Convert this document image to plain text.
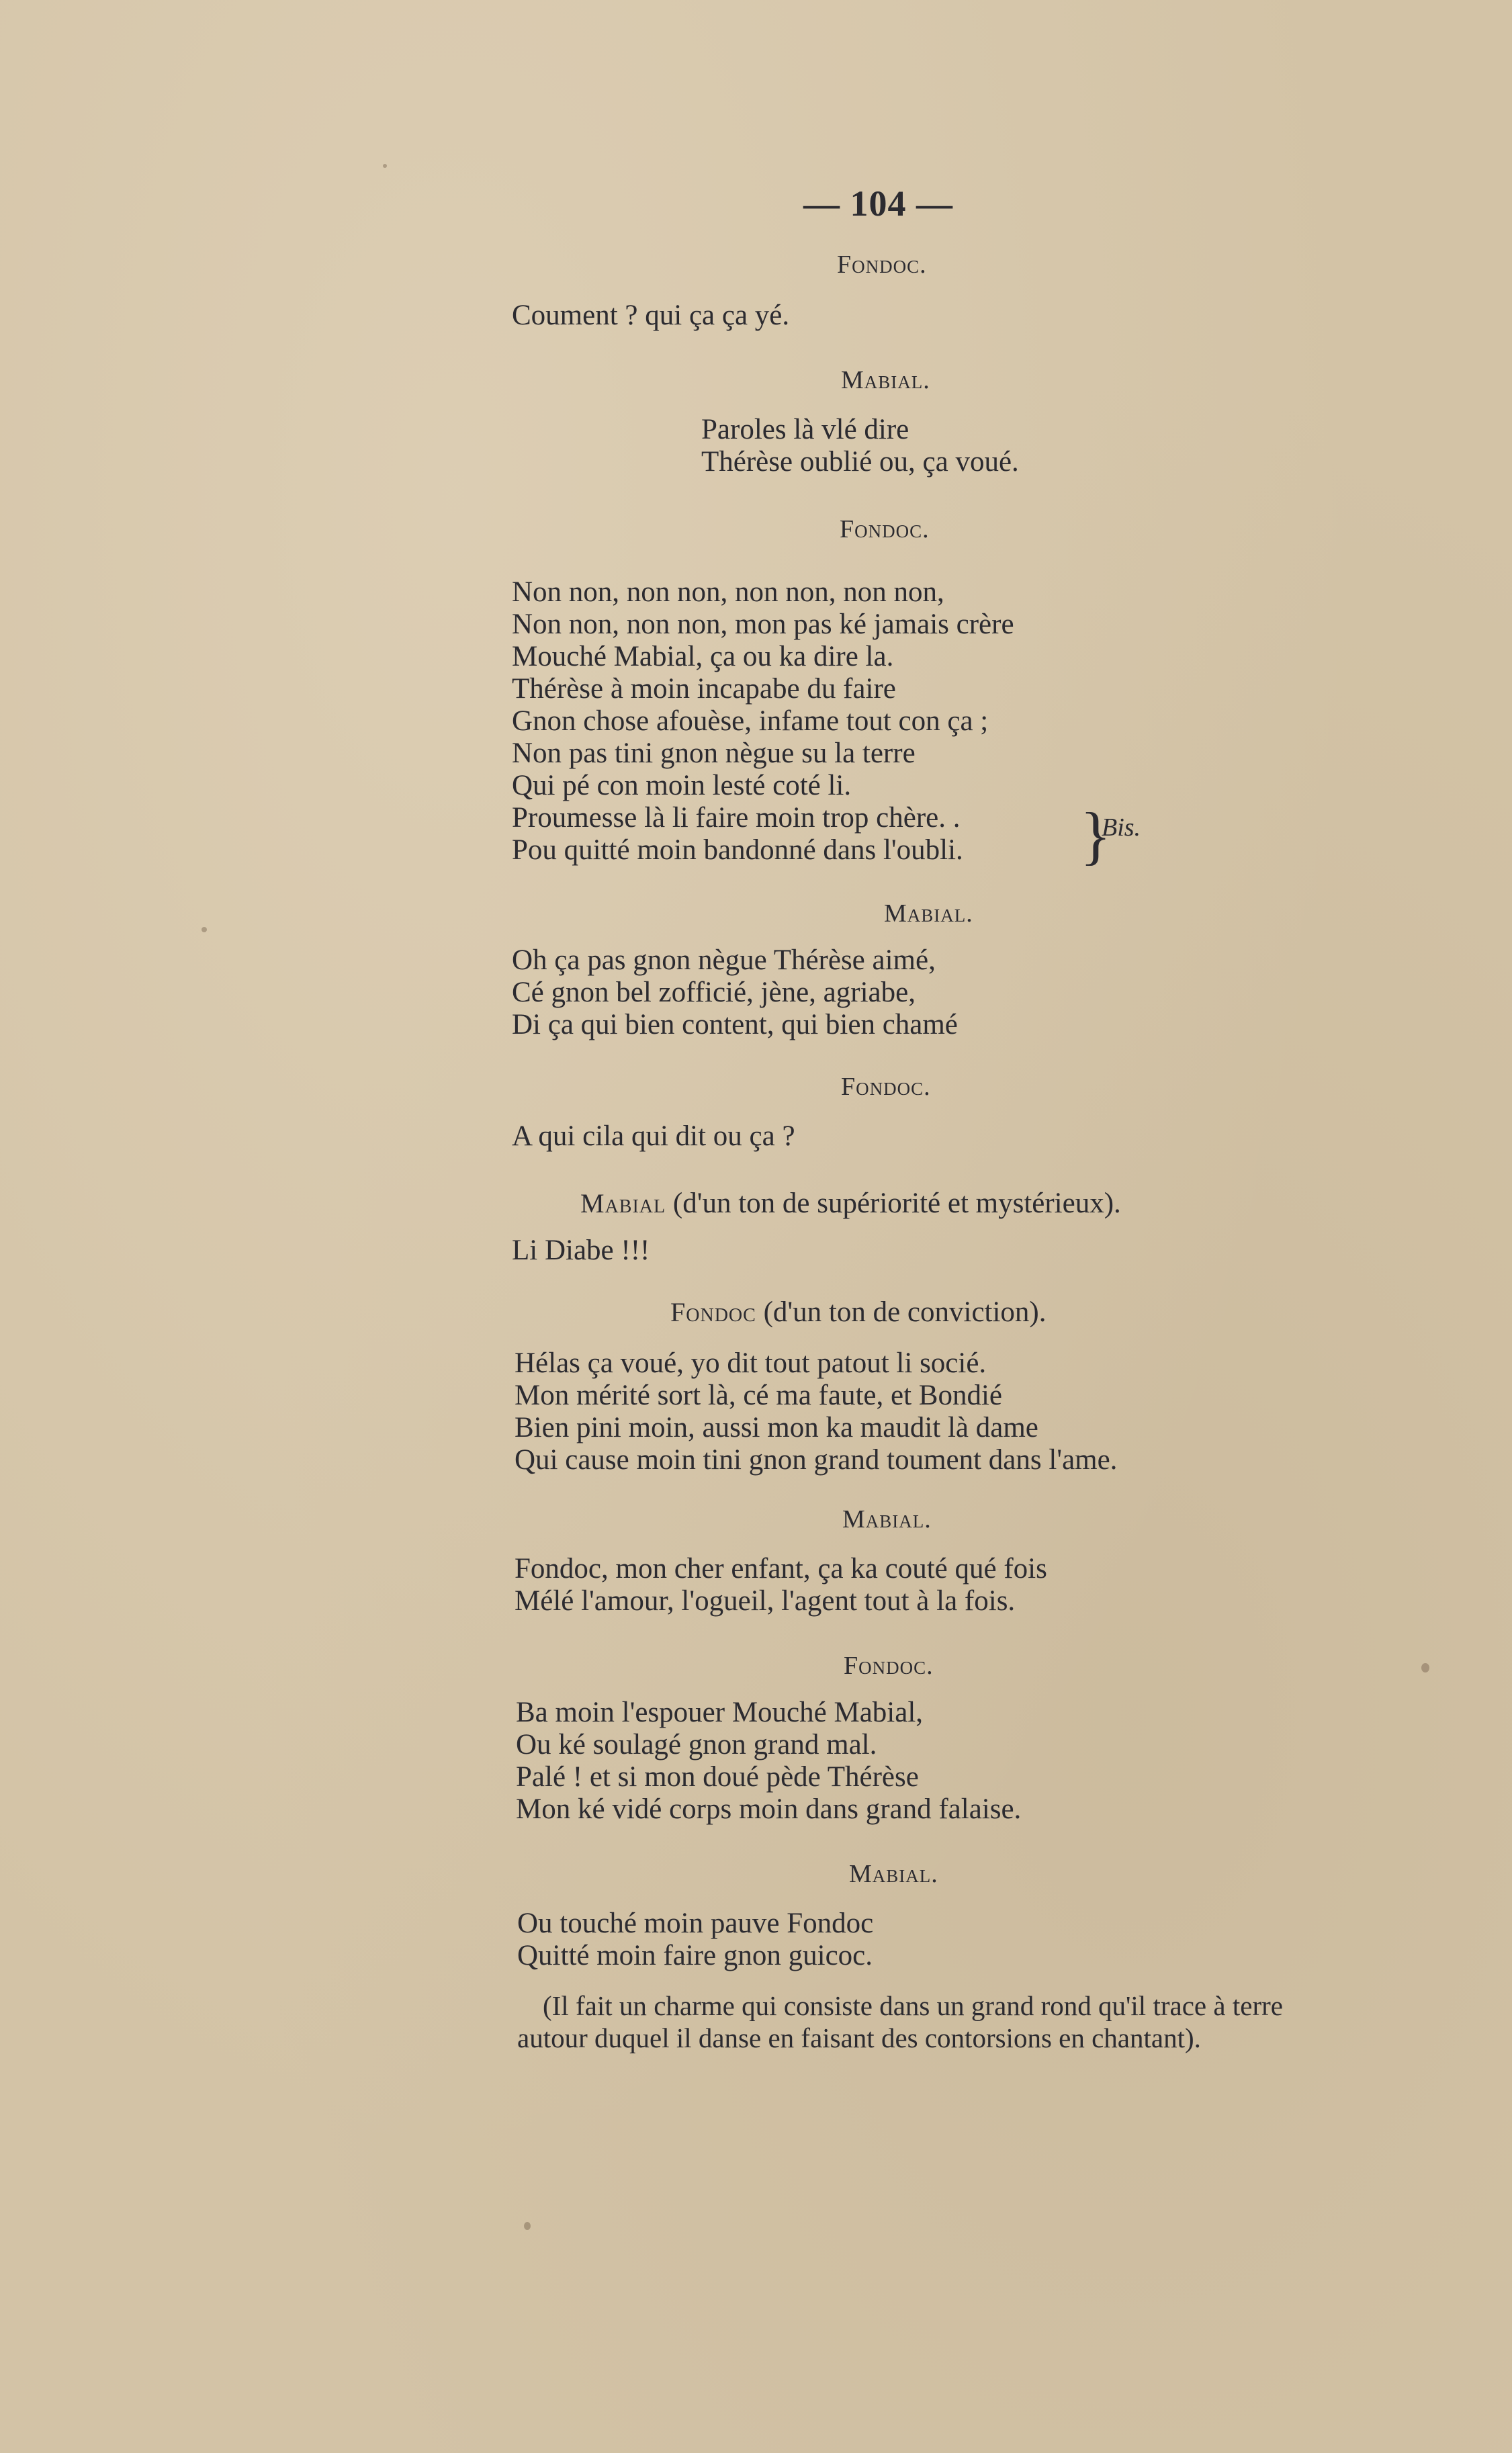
— 104 —
Fondoc.
Coument ? qui ça ça yé.
Mabial.
Paroles là vlé dire
Thérèse oublié ou, ça voué.
Fondoc.
Non non, non non, non non, non non,
Non non, non non, mon pas ké jamais crère
Mouché Mabial, ça ou ka dire la.
Thérèse à moin incapabe du faire
Gnon chose afouèse, infame tout con ça ;
Non pas tini gnon nègue su la terre
Qui pé con moin lesté coté li.
Proumesse là li faire moin trop chère. .
Pou quitté moin bandonné dans l'oubli. }
Bis.
Mabial.
Oh ça pas gnon nègue Thérèse aimé,
Cé gnon bel zofficié, jène, agriabe,
Di ça qui bien content, qui bien chamé
Fondoc.
A qui cila qui dit ou ça ?
Mabial (d'un ton de supériorité et mystérieux).
Li Diabe !!!
Fondoc (d'un ton de conviction).
Hélas ça voué, yo dit tout patout li socié.
Mon mérité sort là, cé ma faute, et Bondié
Bien pini moin, aussi mon ka maudit là dame
Qui cause moin tini gnon grand toument dans l'ame.
Mabial.
Fondoc, mon cher enfant, ça ka couté qué fois
Mélé l'amour, l'ogueil, l'agent tout à la fois.
Fondoc.
Ba moin l'espouer Mouché Mabial,
Ou ké soulagé gnon grand mal.
Palé ! et si mon doué pède Thérèse
Mon ké vidé corps moin dans grand falaise.
Mabial.
Ou touché moin pauve Fondoc
Quitté moin faire gnon guicoc.
(Il fait un charme qui consiste dans un grand rond qu'il trace à terre autour duquel il danse en faisant des contorsions en chantant).
